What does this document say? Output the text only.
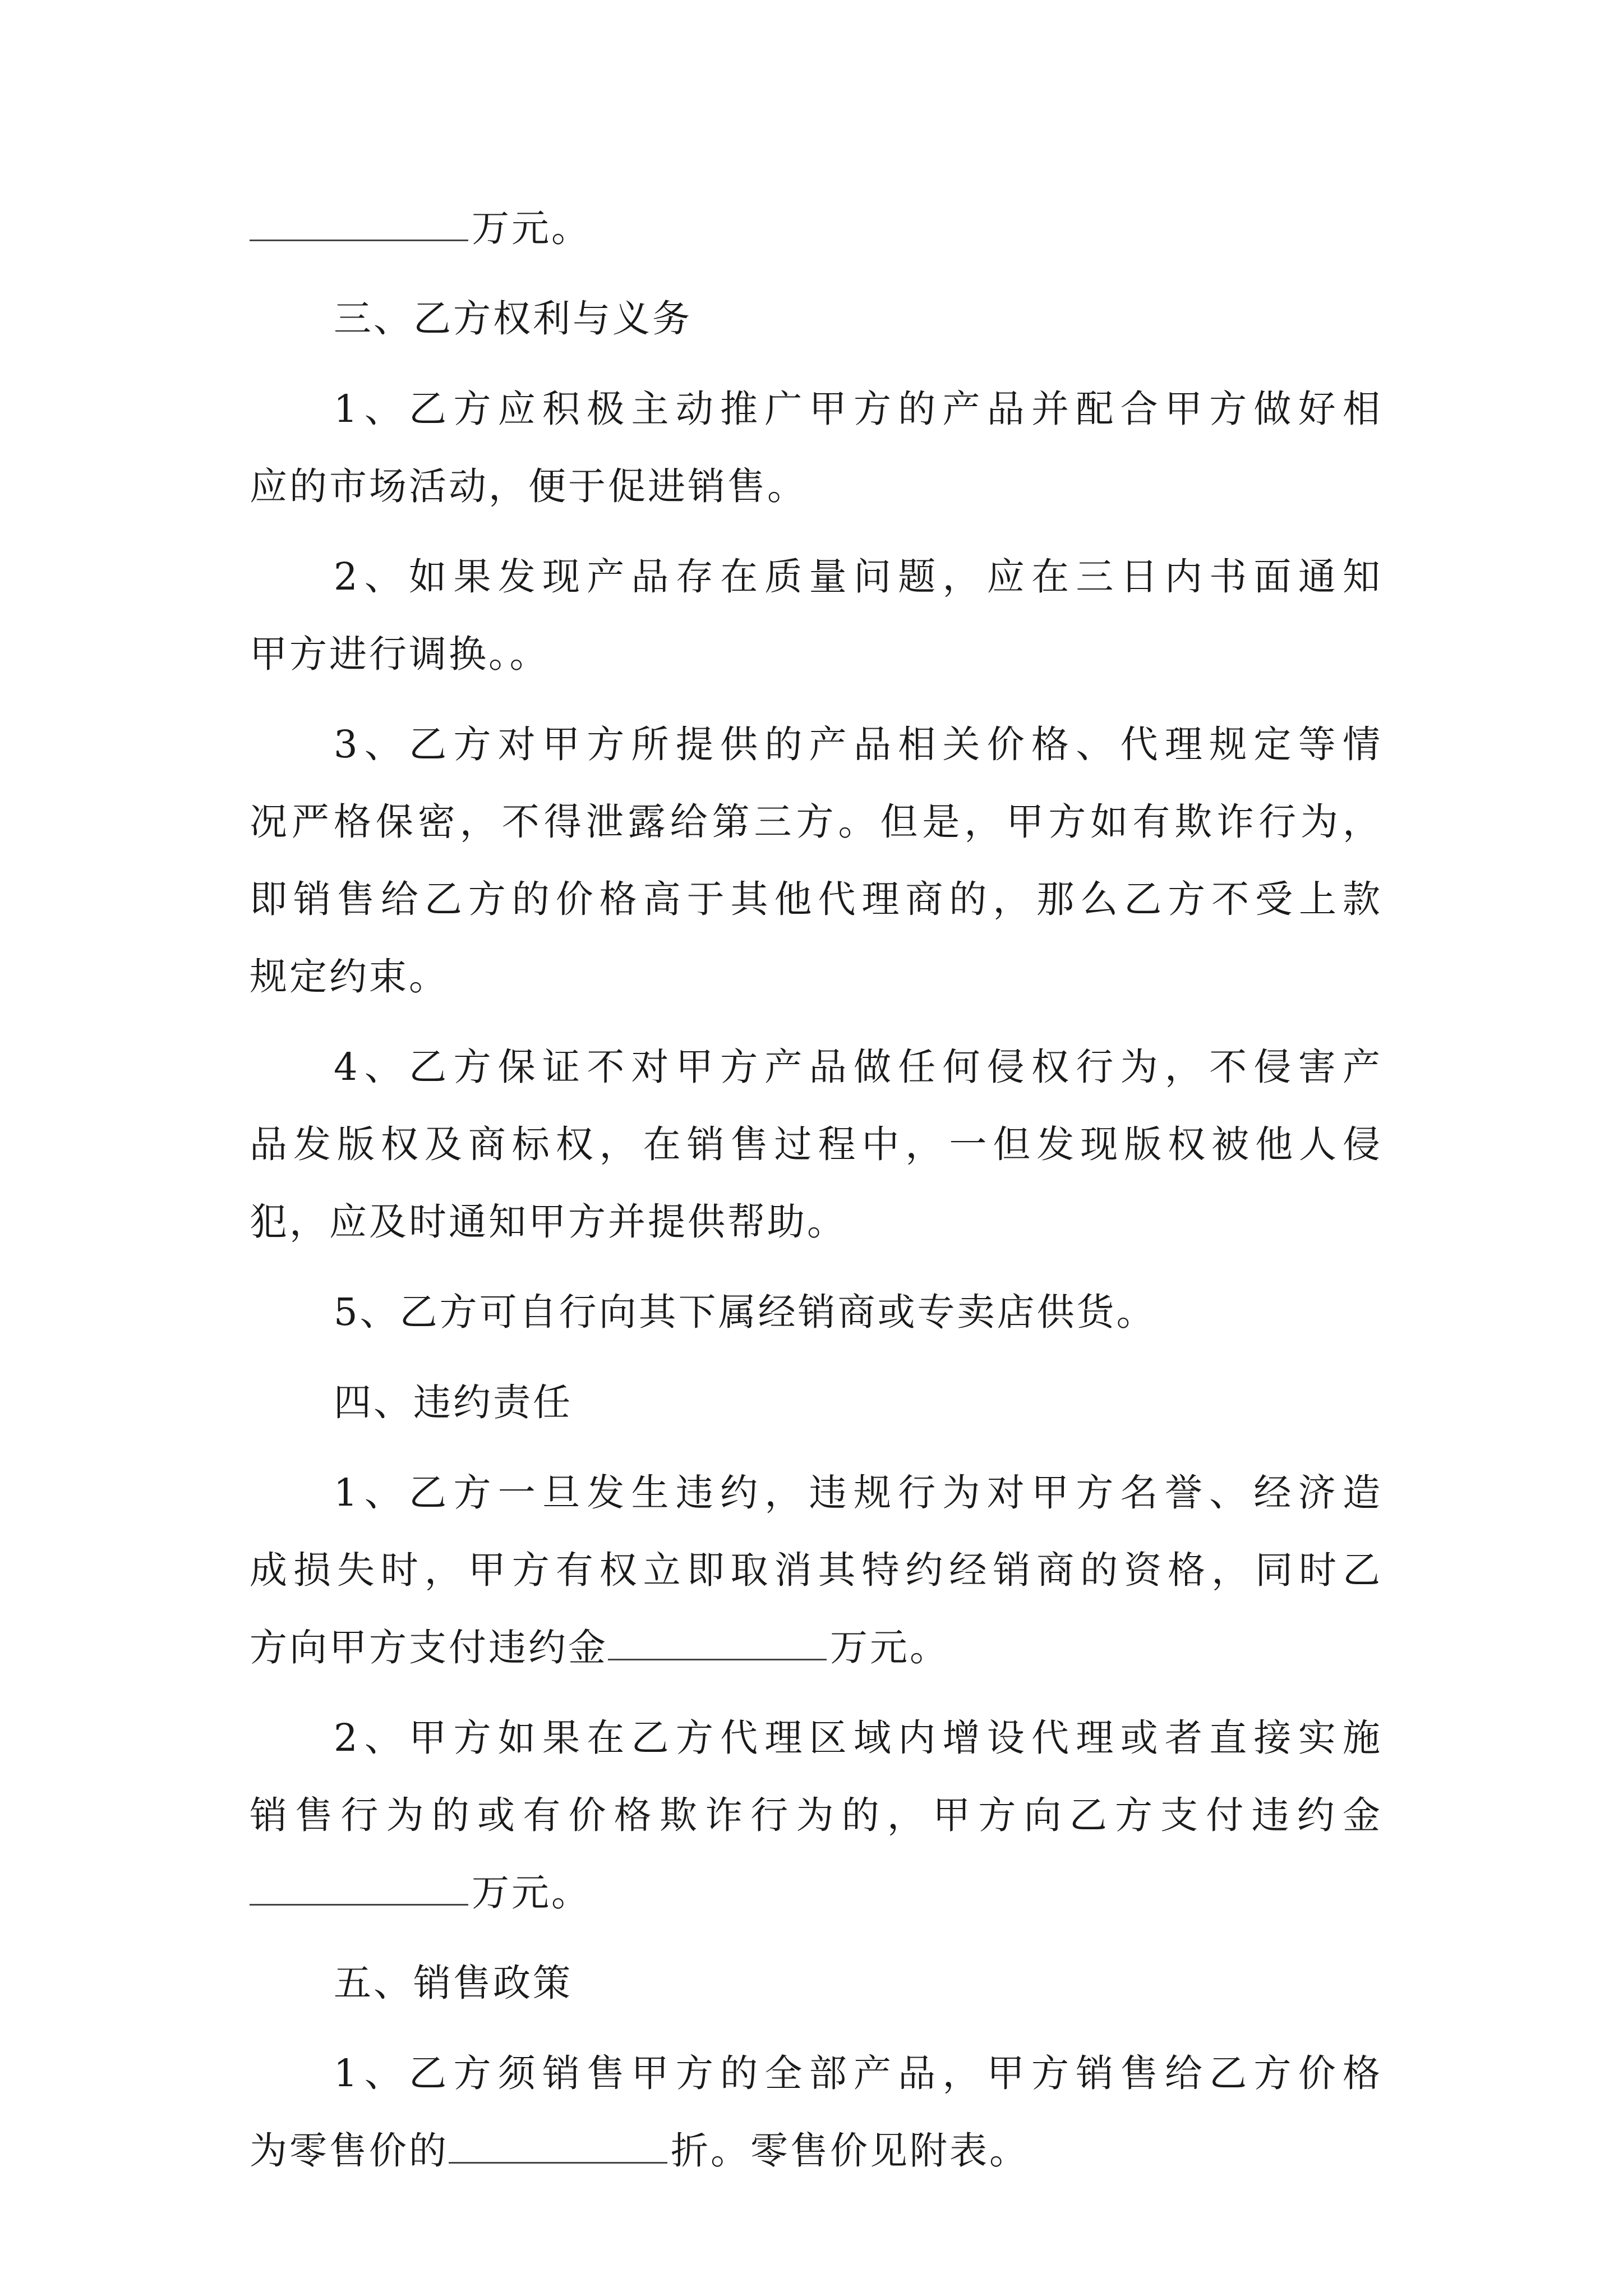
万元。
三、乙方权利与义务
1、乙方应积极主动推广甲方的产品并配合甲方做好相
应的市场活动，便于促进销售。
2、如果发现产品存在质量问题，应在三日内书面通知
甲方进行调换。。
3、乙方对甲方所提供的产品相关价格、代理规定等情
况严格保密，不得泄露给第三方。但是，甲方如有欺诈行为，
即销售给乙方的价格高于其他代理商的，那么乙方不受上款
规定约束。
4、乙方保证不对甲方产品做任何侵权行为，不侵害产
品发版权及商标权，在销售过程中，一但发现版权被他人侵
犯，应及时通知甲方并提供帮助。
5、乙方可自行向其下属经销商或专卖店供货。
四、违约责任
1、乙方一旦发生违约，违规行为对甲方名誉、经济造
成损失时，甲方有权立即取消其特约经销商的资格，同时乙
方向甲方支付违约金	万元。
2、甲方如果在乙方代理区域内增设代理或者直接实施
销售行为的或有价格欺诈行为的，甲方向乙方支付违约金
万元。
五、销售政策
1、乙方须销售甲方的全部产品，甲方销售给乙方价格
为零售价的	折。零售价见附表。
